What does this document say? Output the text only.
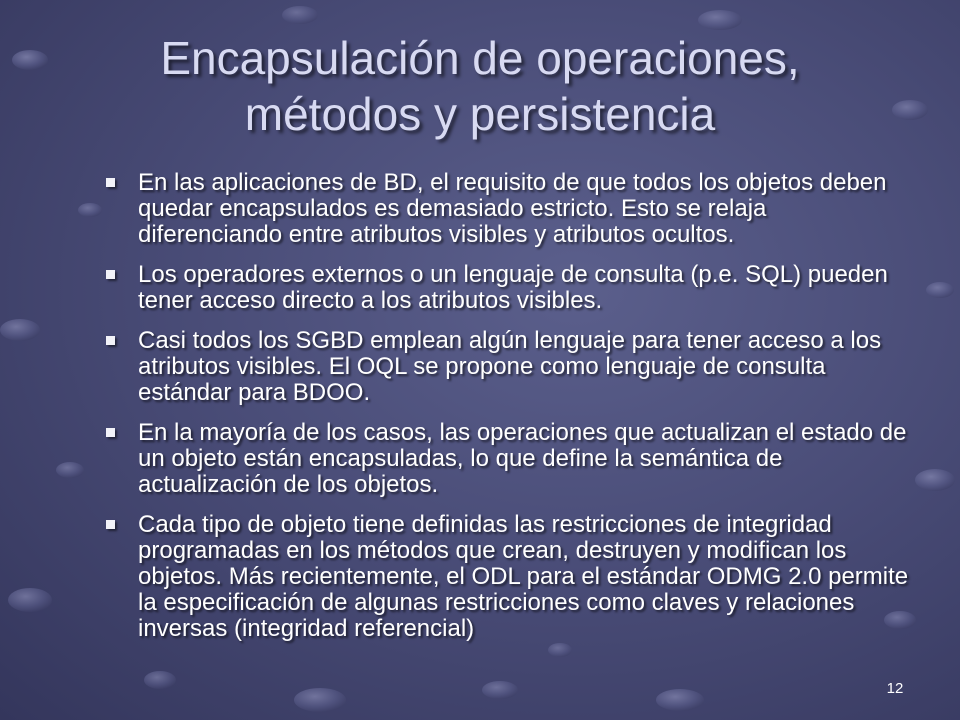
Encapsulación de operaciones,
métodos y persistencia
En las aplicaciones de BD, el requisito de que todos los objetos deben quedar encapsulados es demasiado estricto. Esto se relaja diferenciando entre atributos visibles y atributos ocultos.
Los operadores externos o un lenguaje de consulta (p.e. SQL) pueden tener acceso directo a los atributos visibles.
Casi todos los SGBD emplean algún lenguaje para tener acceso a los atributos visibles. El OQL se propone como lenguaje de consulta estándar para BDOO.
En la mayoría de los casos, las operaciones que actualizan el estado de un objeto están encapsuladas, lo que define la semántica de actualización de los objetos.
Cada tipo de objeto tiene definidas las restricciones de integridad programadas en los métodos que crean, destruyen y modifican los objetos. Más recientemente, el ODL para el estándar ODMG 2.0 permite la especificación de algunas restricciones como claves y relaciones inversas (integridad referencial)
12
